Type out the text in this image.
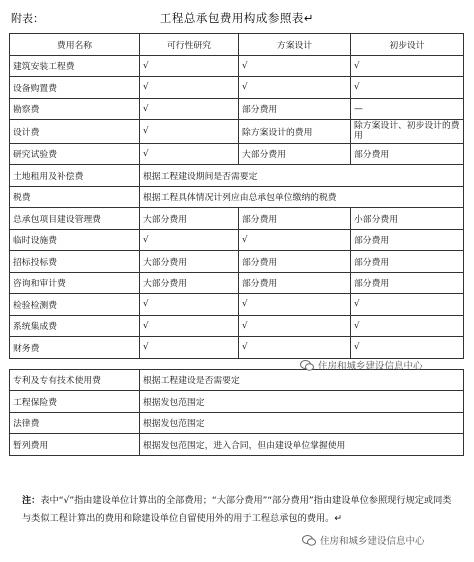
附表：	工程总承包费用构成参照表↵
费用名称	可行性研究	方案设计	初步设计
建筑安装工程费	√	√	√
设备购置费	√	√	√
勘察费	√	部分费用	—
设计费	√	除方案设计的费用	除方案设计、初步设计的费用
研究试验费	√	大部分费用	部分费用
土地租用及补偿费	根据工程建设期间是否需要定		
税费	根据工程具体情况计列应由总承包单位缴纳的税费		
总承包项目建设管理费	大部分费用	部分费用	小部分费用
临时设施费	√	√	部分费用
招标投标费	大部分费用	部分费用	部分费用
咨询和审计费	大部分费用	部分费用	部分费用
检验检测费	√	√	√
系统集成费	√	√	√
财务费	√	√	√

专利及专有技术使用费	根据工程建设是否需要定		
工程保险费	根据发包范围定		
法律费	根据发包范围定		
暂列费用	根据发包范围定，进入合同，但由建设单位掌握使用		
注：表中“√”指由建设单位计算出的全部费用；“大部分费用”“部分费用”指由建设单位参照现行规定或同类与类似工程计算出的费用和除建设单位自留使用外的用于工程总承包的费用。↵
住房和城乡建设信息中心
住房和城乡建设信息中心
